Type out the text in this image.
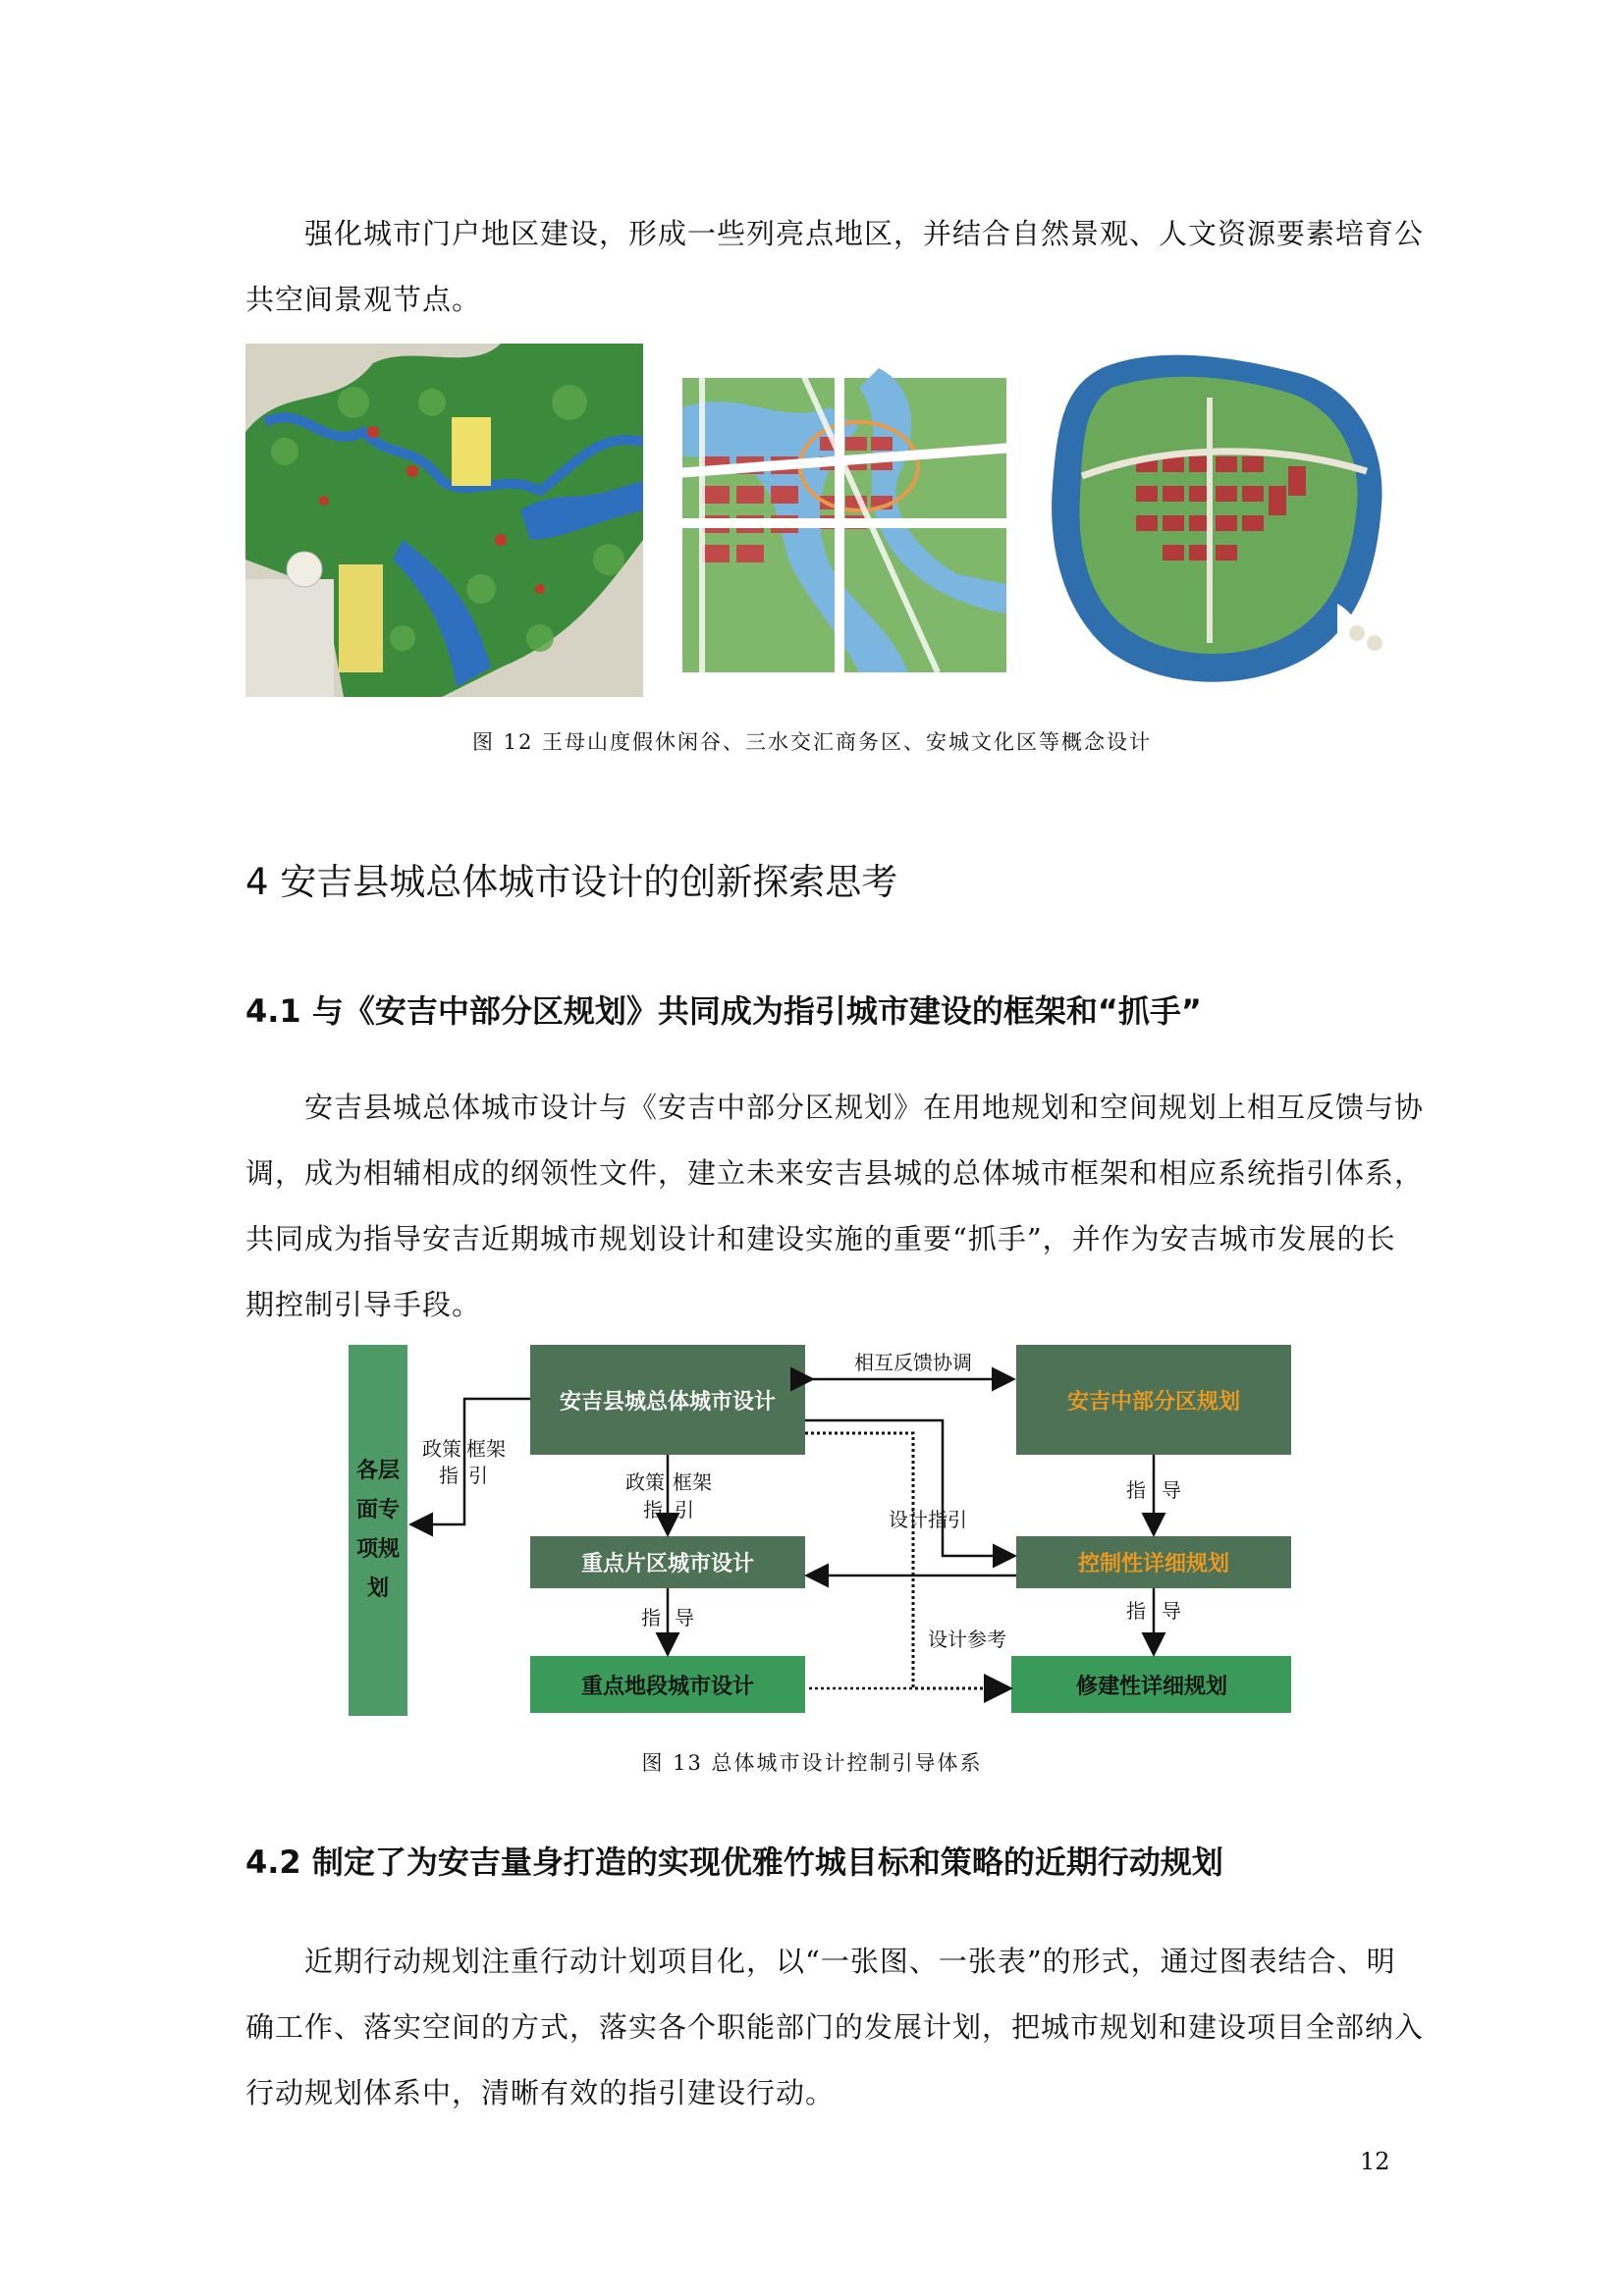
强化城市门户地区建设，形成一些列亮点地区，并结合自然景观、人文资源要素培育公
共空间景观节点。
图 12 王母山度假休闲谷、三水交汇商务区、安城文化区等概念设计
4 安吉县城总体城市设计的创新探索思考
4.1 与《安吉中部分区规划》共同成为指引城市建设的框架和“抓手”
安吉县城总体城市设计与《安吉中部分区规划》在用地规划和空间规划上相互反馈与协
调，成为相辅相成的纲领性文件，建立未来安吉县城的总体城市框架和相应系统指引体系，
共同成为指导安吉近期城市规划设计和建设实施的重要“抓手”，并作为安吉城市发展的长
期控制引导手段。
各层
面专
项规
划
安吉县城总体城市设计	安吉中部分区规划
重点片区城市设计	控制性详细规划
重点地段城市设计	修建性详细规划
相互反馈协调
政策 框架
指 引	政策 框架
指 引
指 导
指 导
指 导
设计指引
设计参考
图 13 总体城市设计控制引导体系
4.2 制定了为安吉量身打造的实现优雅竹城目标和策略的近期行动规划
近期行动规划注重行动计划项目化，以“一张图、一张表”的形式，通过图表结合、明
确工作、落实空间的方式，落实各个职能部门的发展计划，把城市规划和建设项目全部纳入
行动规划体系中，清晰有效的指引建设行动。
12
